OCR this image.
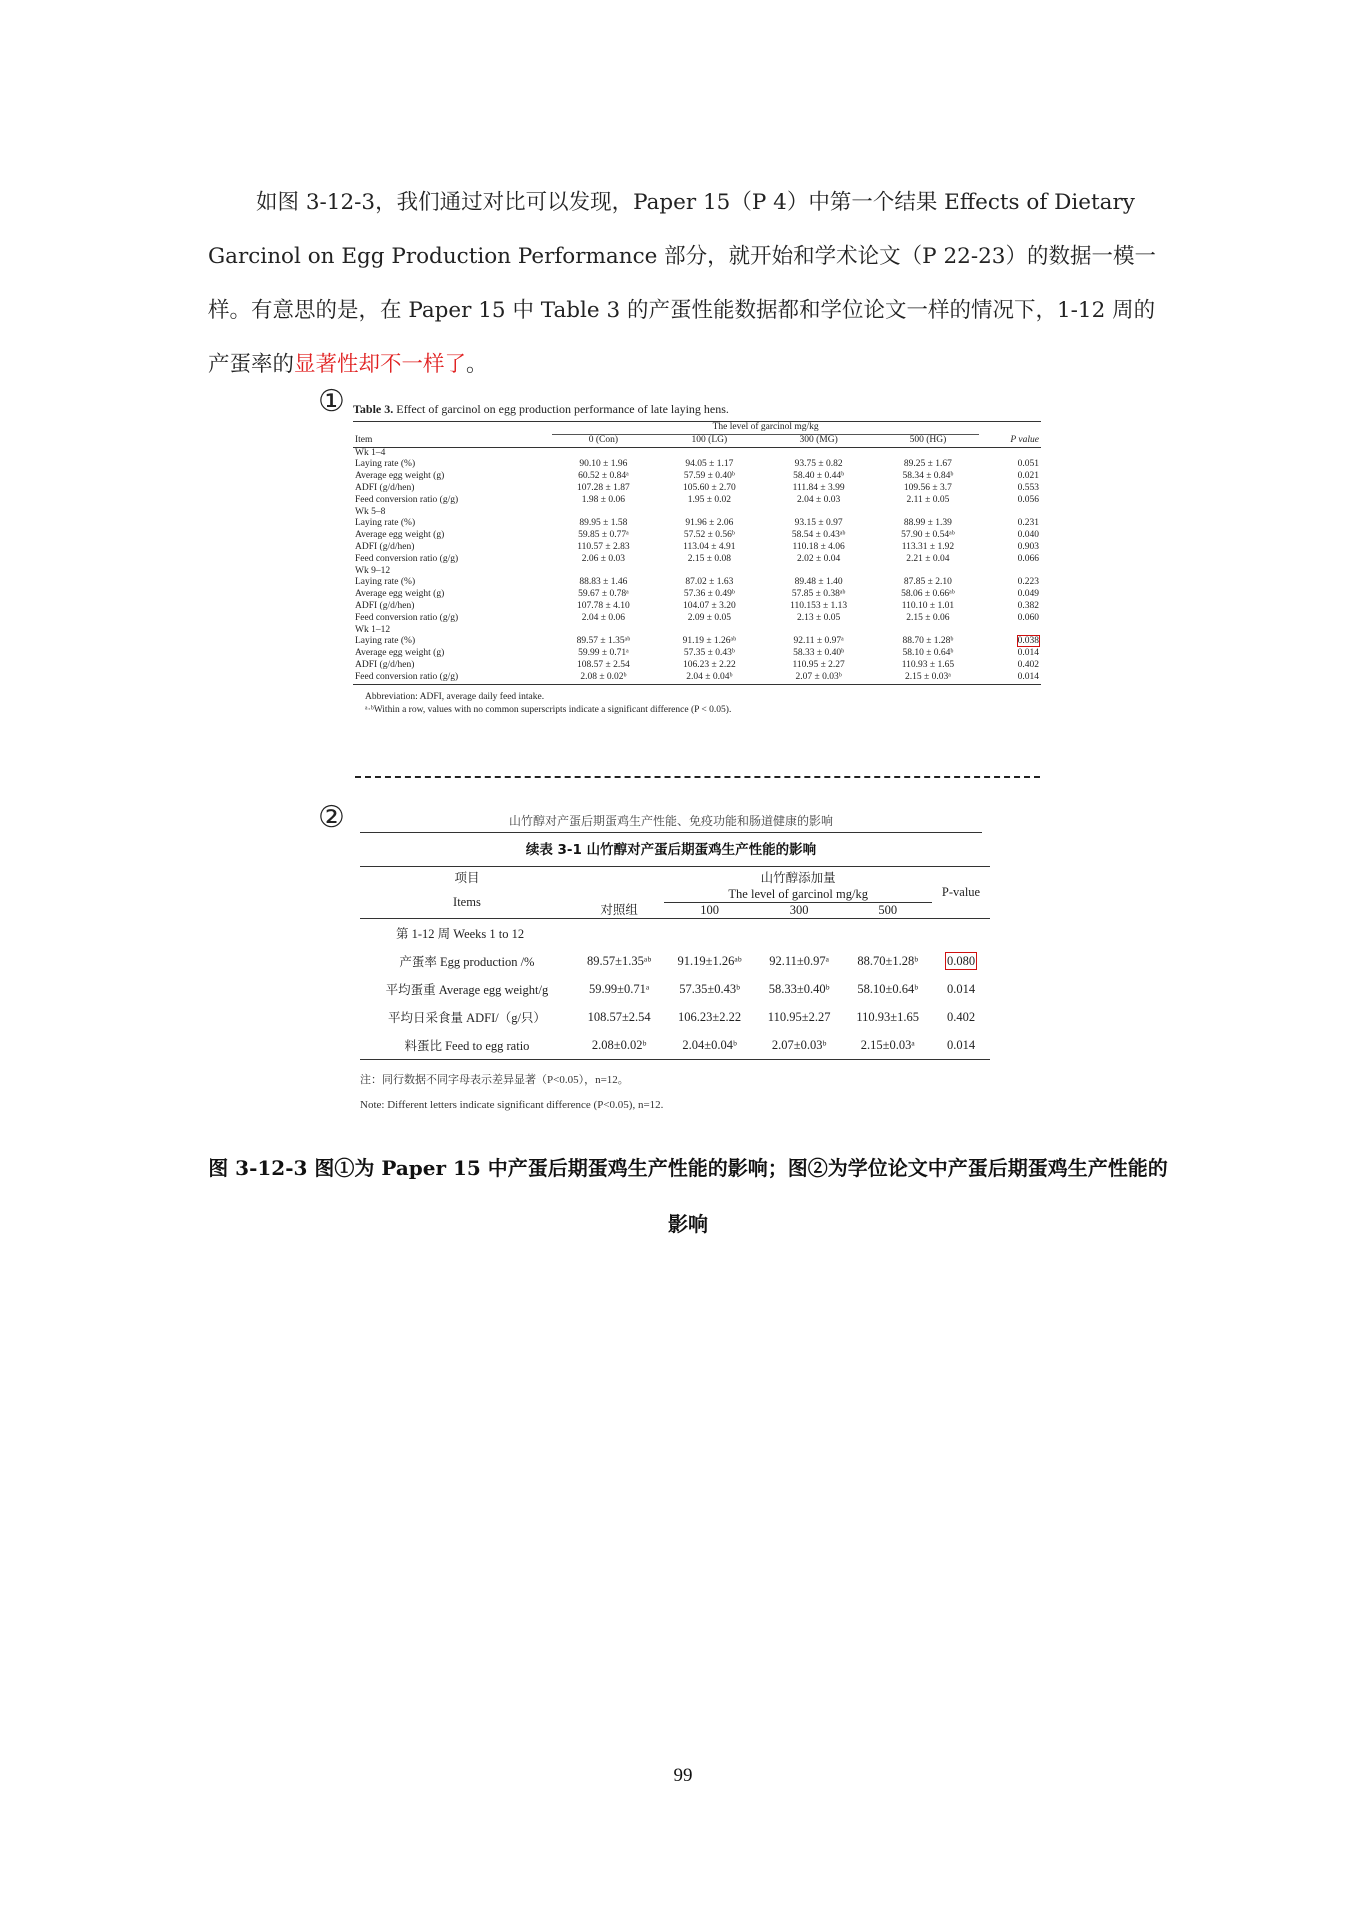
如图 3-12-3，我们通过对比可以发现，Paper 15（P 4）中第一个结果 Effects of Dietary Garcinol on Egg Production Performance 部分，就开始和学术论文（P 22-23）的数据一模一样。有意思的是，在 Paper 15 中 Table 3 的产蛋性能数据都和学位论文一样的情况下，1-12 周的产蛋率的显著性却不一样了。
① Table 3. Effect of garcinol on egg production performance of late laying hens.

	The level of garcinol mg/kg				

Item	0 (Con)	100 (LG)	300 (MG)	500 (HG)	P value
Wk 1–4					
Laying rate (%)	90.10 ± 1.96	94.05 ± 1.17	93.75 ± 0.82	89.25 ± 1.67	0.051
Average egg weight (g)	60.52 ± 0.84ᵃ	57.59 ± 0.40ᵇ	58.40 ± 0.44ᵇ	58.34 ± 0.84ᵇ	0.021
ADFI (g/d/hen)	107.28 ± 1.87	105.60 ± 2.70	111.84 ± 3.99	109.56 ± 3.7	0.553
Feed conversion ratio (g/g)	1.98 ± 0.06	1.95 ± 0.02	2.04 ± 0.03	2.11 ± 0.05	0.056
Wk 5–8					
Laying rate (%)	89.95 ± 1.58	91.96 ± 2.06	93.15 ± 0.97	88.99 ± 1.39	0.231
Average egg weight (g)	59.85 ± 0.77ᵃ	57.52 ± 0.56ᵇ	58.54 ± 0.43ᵃᵇ	57.90 ± 0.54ᵃᵇ	0.040
ADFI (g/d/hen)	110.57 ± 2.83	113.04 ± 4.91	110.18 ± 4.06	113.31 ± 1.92	0.903
Feed conversion ratio (g/g)	2.06 ± 0.03	2.15 ± 0.08	2.02 ± 0.04	2.21 ± 0.04	0.066
Wk 9–12					
Laying rate (%)	88.83 ± 1.46	87.02 ± 1.63	89.48 ± 1.40	87.85 ± 2.10	0.223
Average egg weight (g)	59.67 ± 0.78ᵃ	57.36 ± 0.49ᵇ	57.85 ± 0.38ᵃᵇ	58.06 ± 0.66ᵃᵇ	0.049
ADFI (g/d/hen)	107.78 ± 4.10	104.07 ± 3.20	110.153 ± 1.13	110.10 ± 1.01	0.382
Feed conversion ratio (g/g)	2.04 ± 0.06	2.09 ± 0.05	2.13 ± 0.05	2.15 ± 0.06	0.060
Wk 1–12					
Laying rate (%)	89.57 ± 1.35ᵃᵇ	91.19 ± 1.26ᵃᵇ	92.11 ± 0.97ᵃ	88.70 ± 1.28ᵇ	0.038
Average egg weight (g)	59.99 ± 0.71ᵃ	57.35 ± 0.43ᵇ	58.33 ± 0.40ᵇ	58.10 ± 0.64ᵇ	0.014
ADFI (g/d/hen)	108.57 ± 2.54	106.23 ± 2.22	110.95 ± 2.27	110.93 ± 1.65	0.402
Feed conversion ratio (g/g)	2.08 ± 0.02ᵇ	2.04 ± 0.04ᵇ	2.07 ± 0.03ᵇ	2.15 ± 0.03ᵃ	0.014
Abbreviation: ADFI, average daily feed intake.
ᵃ·ᵇWithin a row, values with no common superscripts indicate a significant difference (P < 0.05).
②	山竹醇对产蛋后期蛋鸡生产性能、免疫功能和肠道健康的影响
续表 3-1 山竹醇对产蛋后期蛋鸡生产性能的影响
项目		山竹醇添加量			P-value
Items	对照组	The level of garcinol mg/kg			
		100	300	500	
第 1-12 周 Weeks 1 to 12					
产蛋率 Egg production /%	89.57±1.35ᵃᵇ	91.19±1.26ᵃᵇ	92.11±0.97ᵃ	88.70±1.28ᵇ	0.080
平均蛋重 Average egg weight/g	59.99±0.71ᵃ	57.35±0.43ᵇ	58.33±0.40ᵇ	58.10±0.64ᵇ	0.014
平均日采食量 ADFI/（g/只）	108.57±2.54	106.23±2.22	110.95±2.27	110.93±1.65	0.402
料蛋比 Feed to egg ratio	2.08±0.02ᵇ	2.04±0.04ᵇ	2.07±0.03ᵇ	2.15±0.03ᵃ	0.014
注：同行数据不同字母表示差异显著（P<0.05），n=12。
Note: Different letters indicate significant difference (P<0.05), n=12.
图 3-12-3 图①为 Paper 15 中产蛋后期蛋鸡生产性能的影响；图②为学位论文中产蛋后期蛋鸡生产性能的影响
99
